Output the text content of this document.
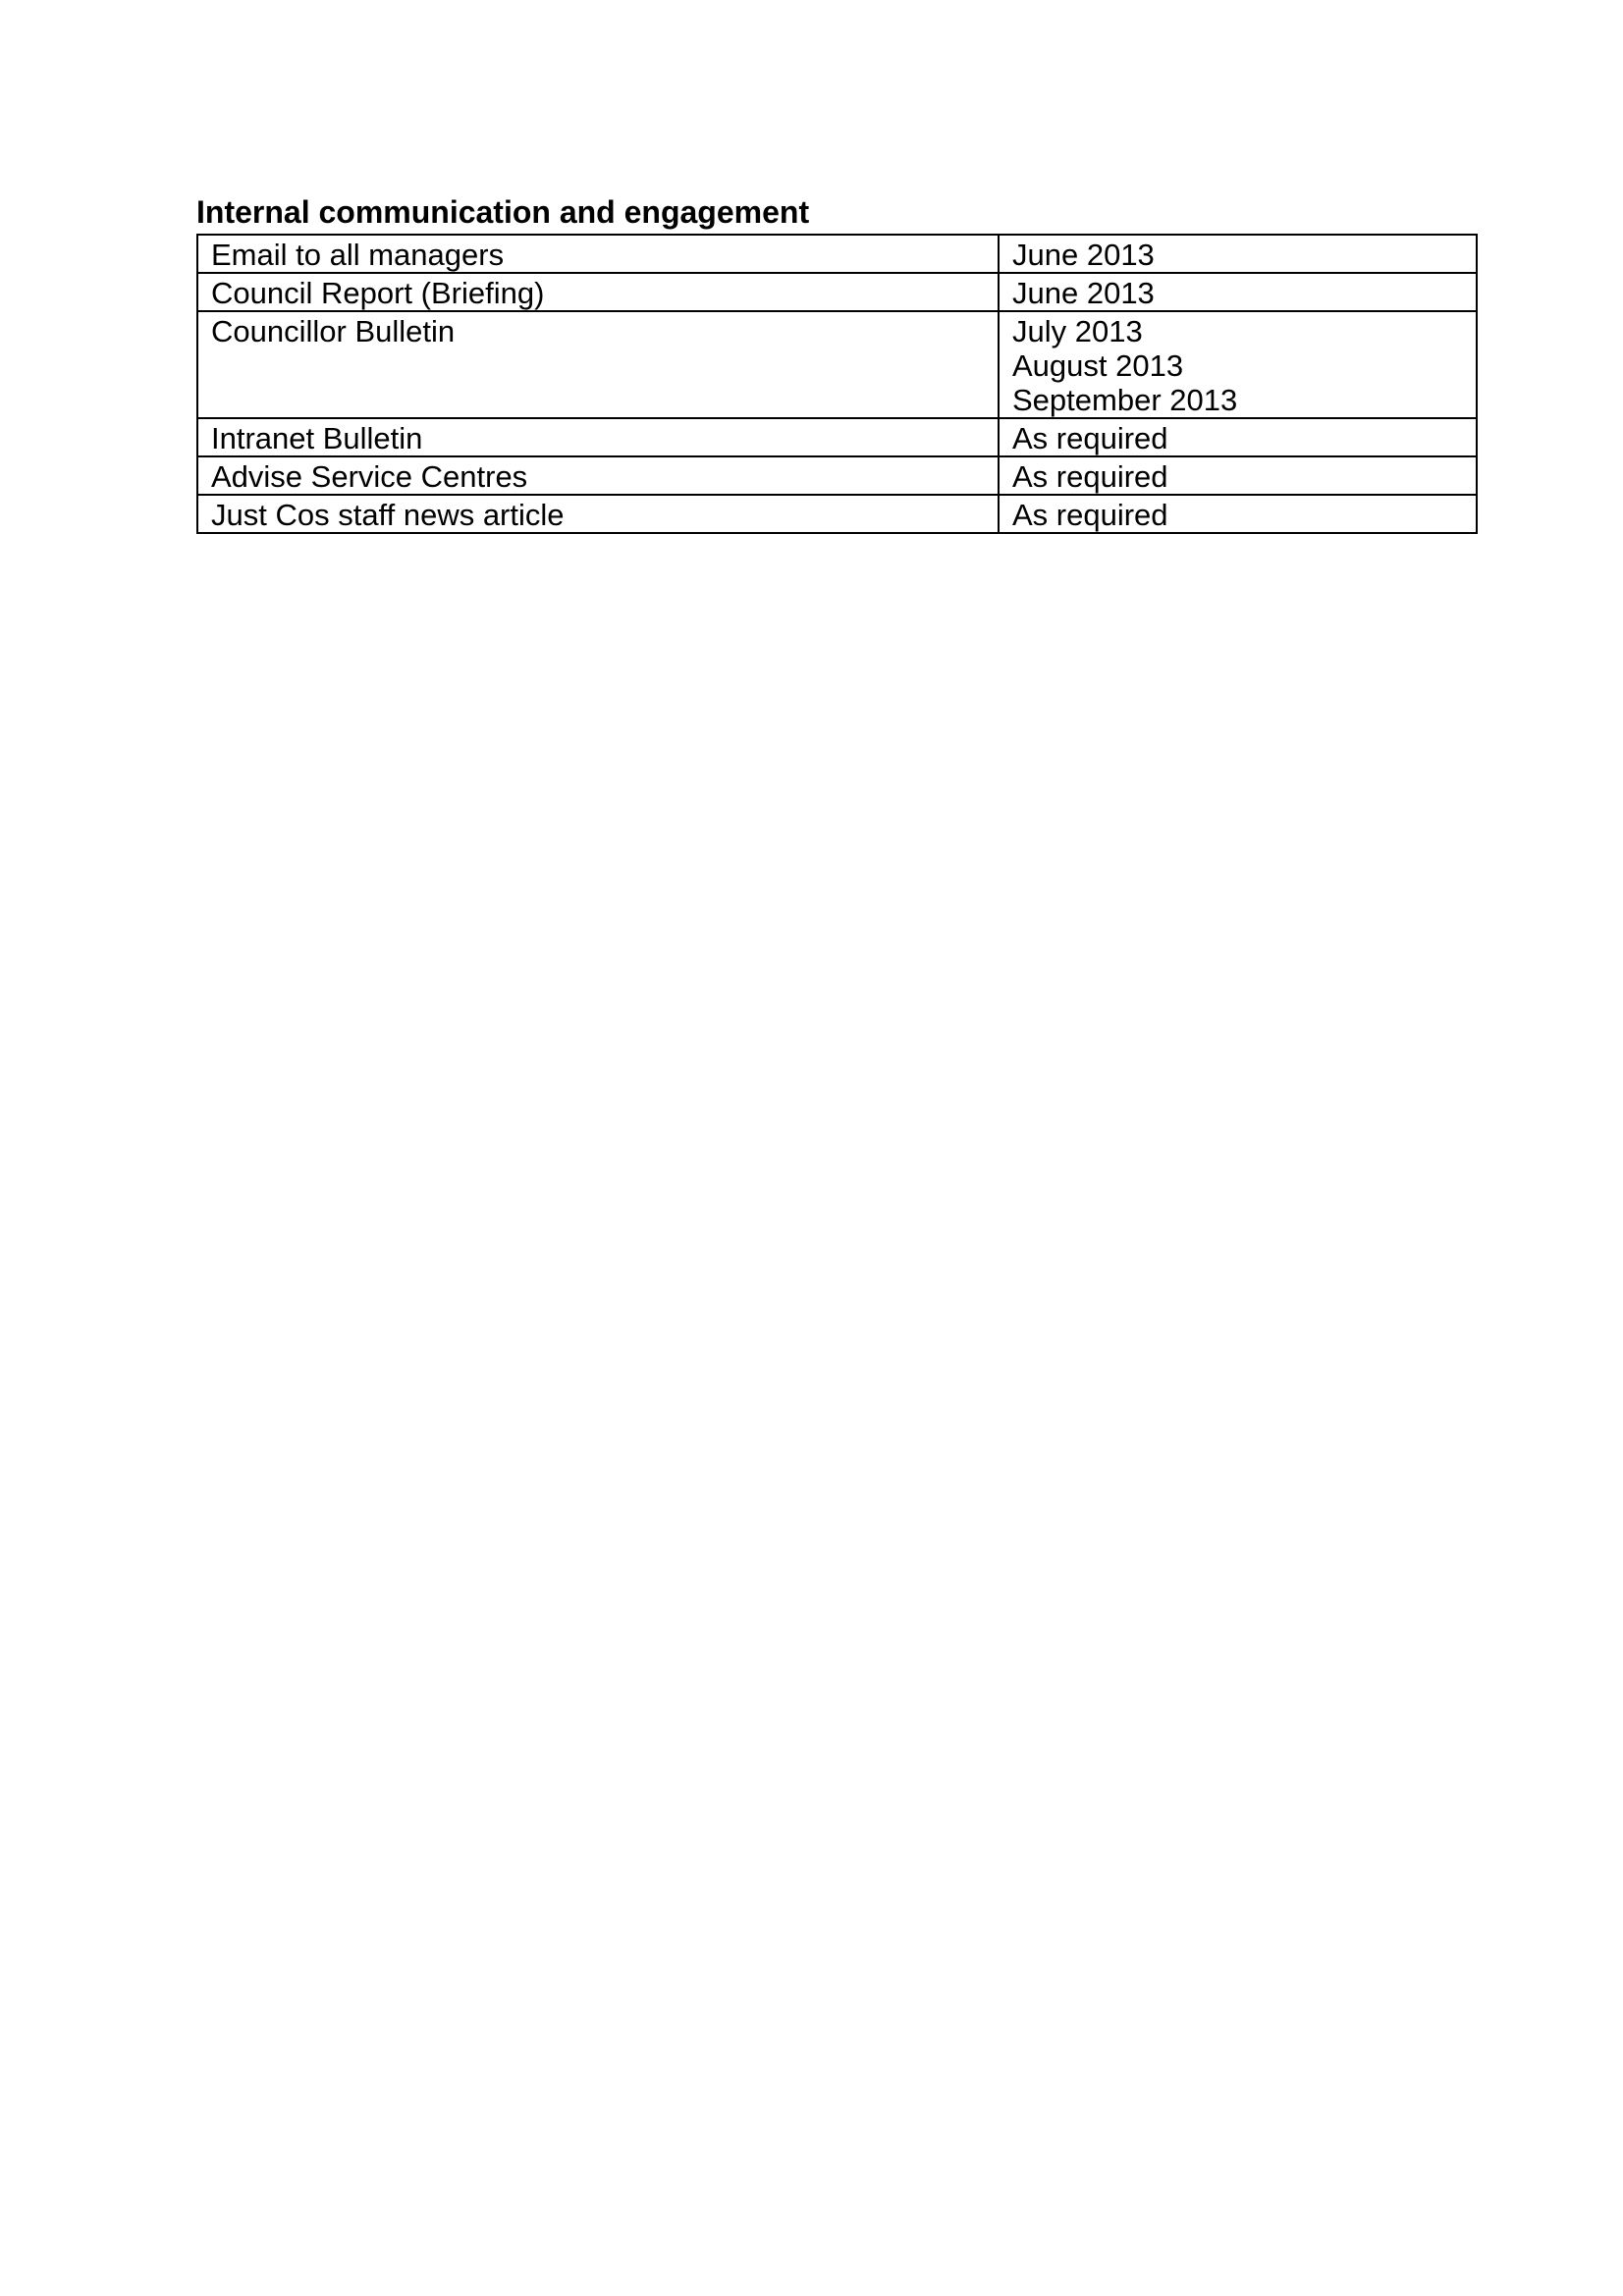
Internal communication and engagement
Email to all managers	June 2013

Council Report (Briefing)	June 2013

Councillor Bulletin	July 2013
August 2013
September 2013

Intranet Bulletin	As required

Advise Service Centres	As required

Just Cos staff news article	As required
